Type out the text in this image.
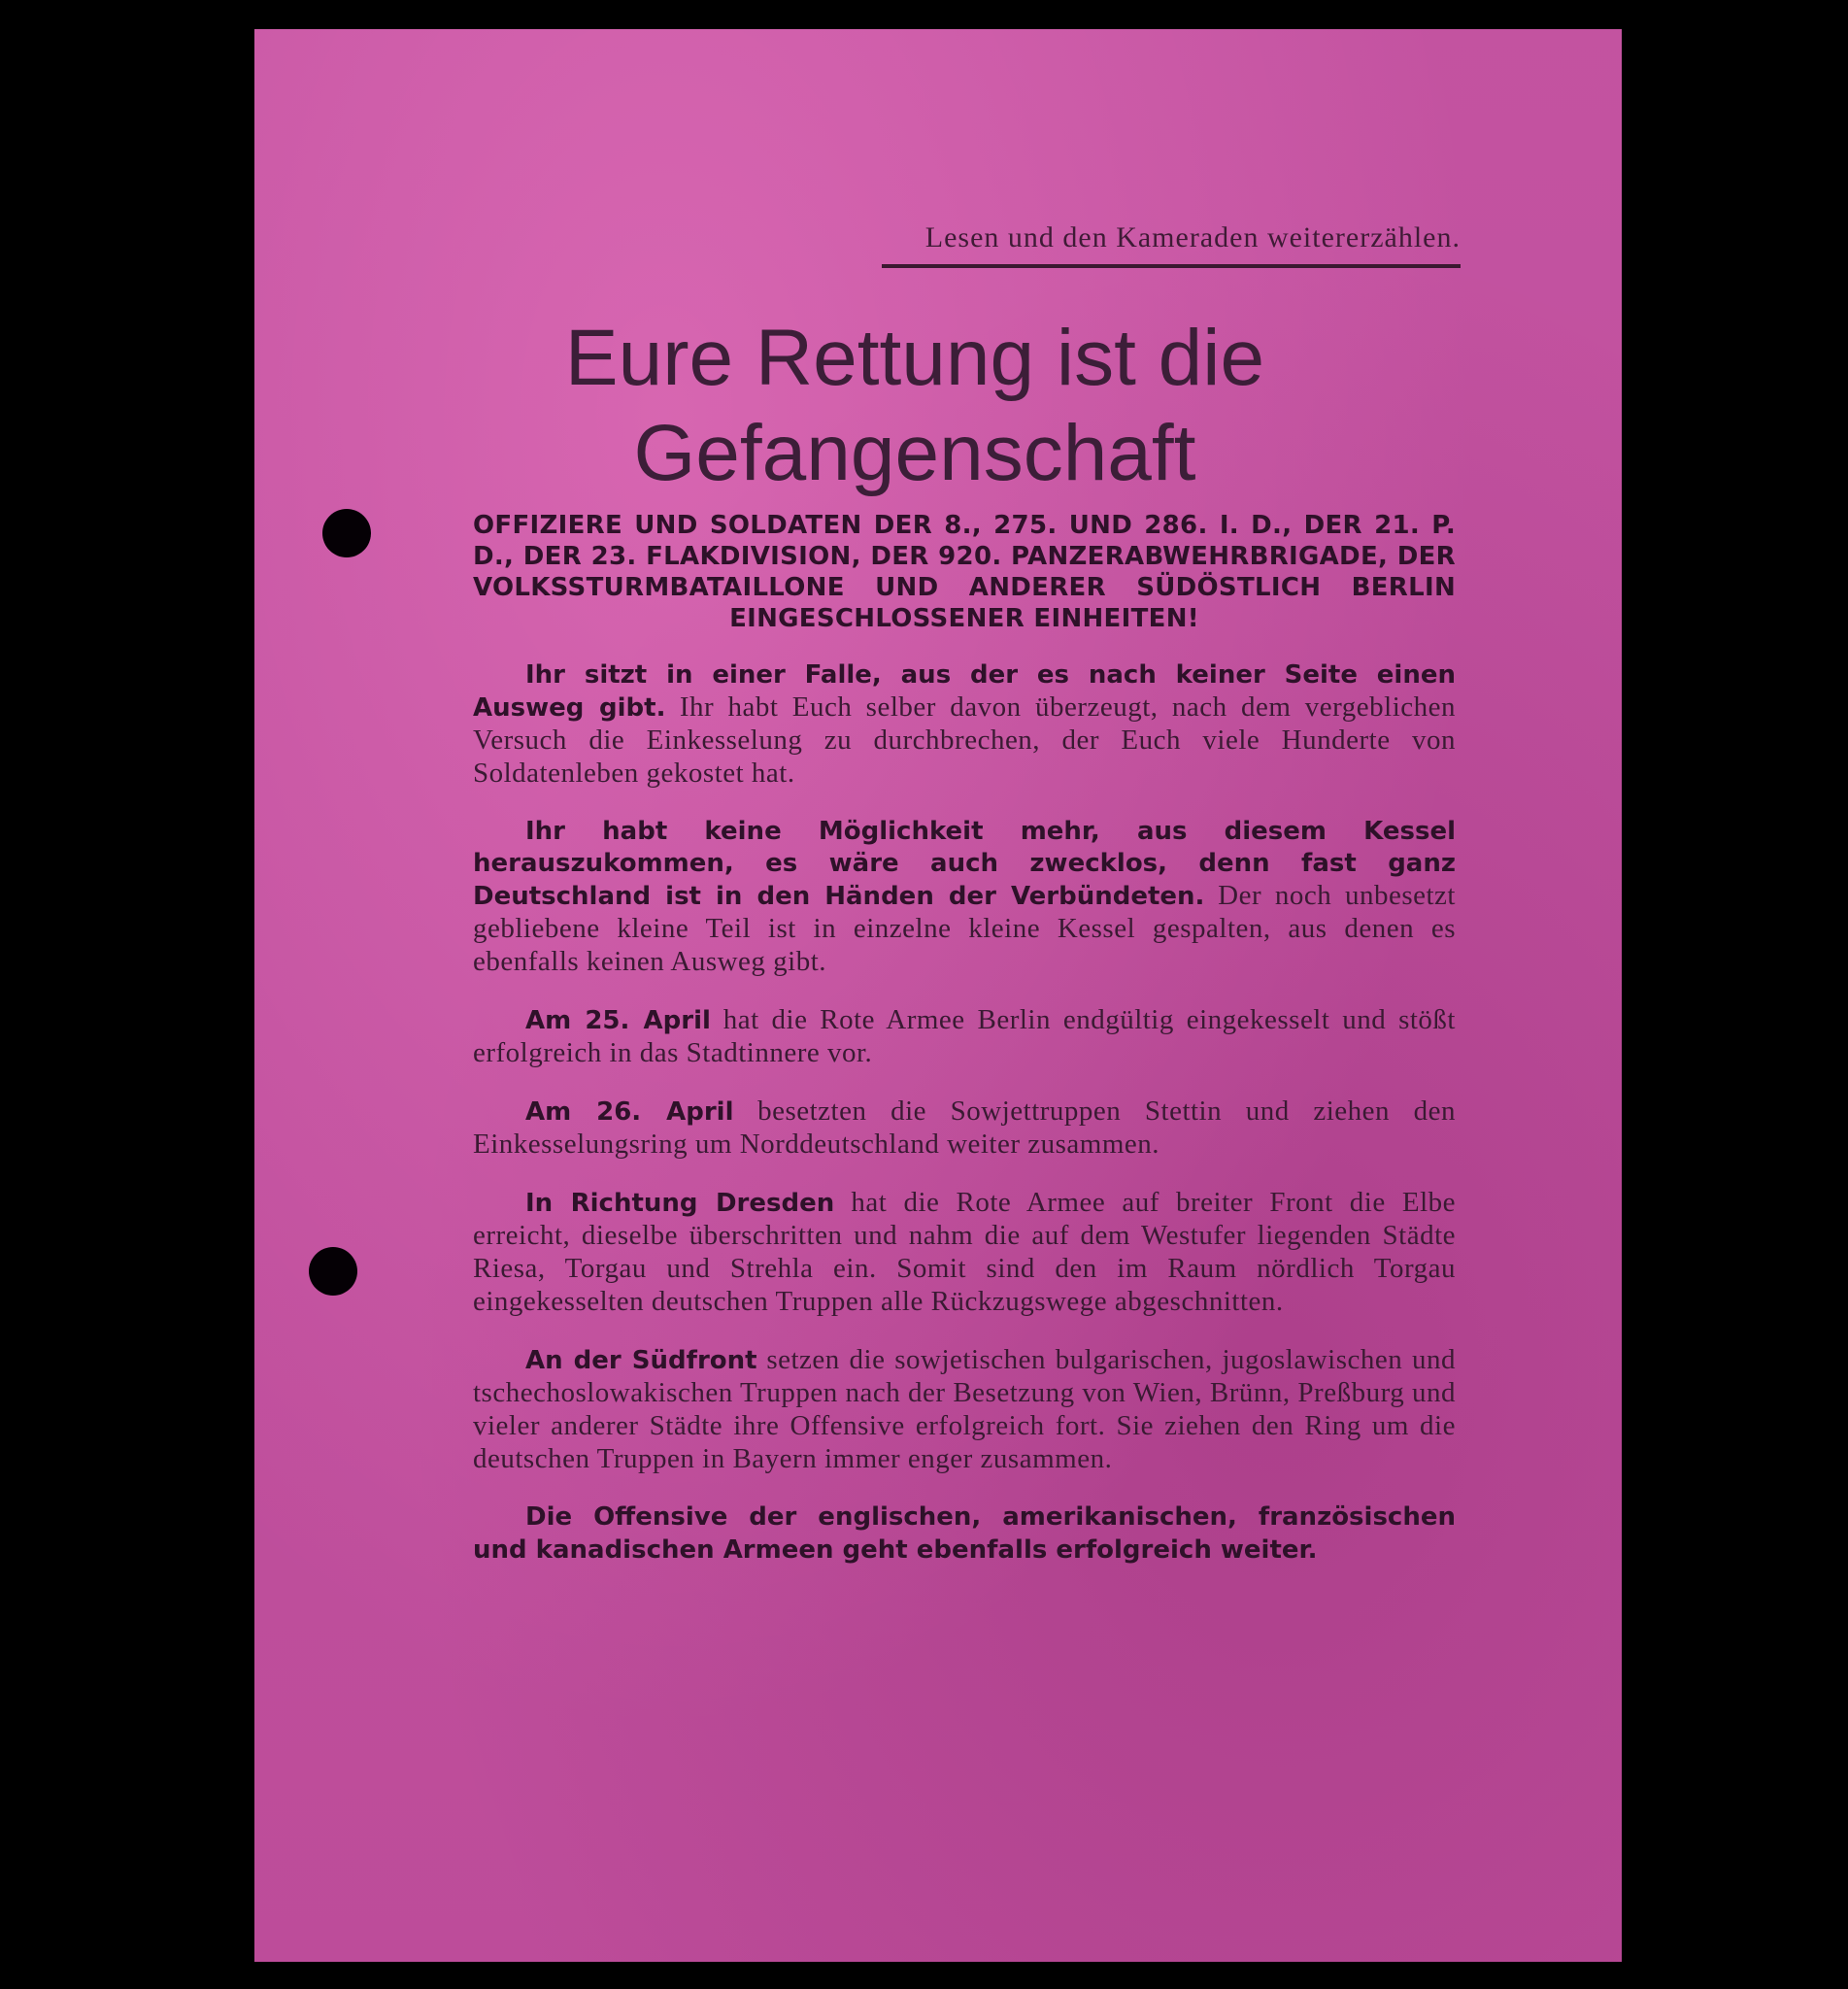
Lesen und den Kameraden weitererzählen.
Eure Rettung ist die
Gefangenschaft
OFFIZIERE UND SOLDATEN DER 8., 275. UND 286. I. D., DER 21. P. D., DER 23. FLAKDIVISION, DER 920. PANZERABWEHRBRIGADE, DER VOLKSSTURMBATAILLONE UND ANDERER SÜDÖSTLICH BERLIN EINGESCHLOSSENER EINHEITEN!

Ihr sitzt in einer Falle, aus der es nach keiner Seite einen Ausweg gibt. Ihr habt Euch selber davon überzeugt, nach dem vergeblichen Versuch die Einkesselung zu durchbrechen, der Euch viele Hunderte von Soldatenleben gekostet hat.

Ihr habt keine Möglichkeit mehr, aus diesem Kessel herauszukommen, es wäre auch zwecklos, denn fast ganz Deutschland ist in den Händen der Verbündeten. Der noch unbesetzt gebliebene kleine Teil ist in einzelne kleine Kessel gespalten, aus denen es ebenfalls keinen Ausweg gibt.

Am 25. April hat die Rote Armee Berlin endgültig eingekesselt und stößt erfolgreich in das Stadtinnere vor.

Am 26. April besetzten die Sowjettruppen Stettin und ziehen den Einkesselungsring um Norddeutschland weiter zusammen.

In Richtung Dresden hat die Rote Armee auf breiter Front die Elbe erreicht, dieselbe überschritten und nahm die auf dem Westufer liegenden Städte Riesa, Torgau und Strehla ein. Somit sind den im Raum nördlich Torgau eingekesselten deutschen Truppen alle Rückzugswege abgeschnitten.

An der Südfront setzen die sowjetischen bulgarischen, jugoslawischen und tschechoslowakischen Truppen nach der Besetzung von Wien, Brünn, Preßburg und vieler anderer Städte ihre Offensive erfolgreich fort. Sie ziehen den Ring um die deutschen Truppen in Bayern immer enger zusammen.

Die Offensive der englischen, amerikanischen, französischen und kanadischen Armeen geht ebenfalls erfolgreich weiter.
